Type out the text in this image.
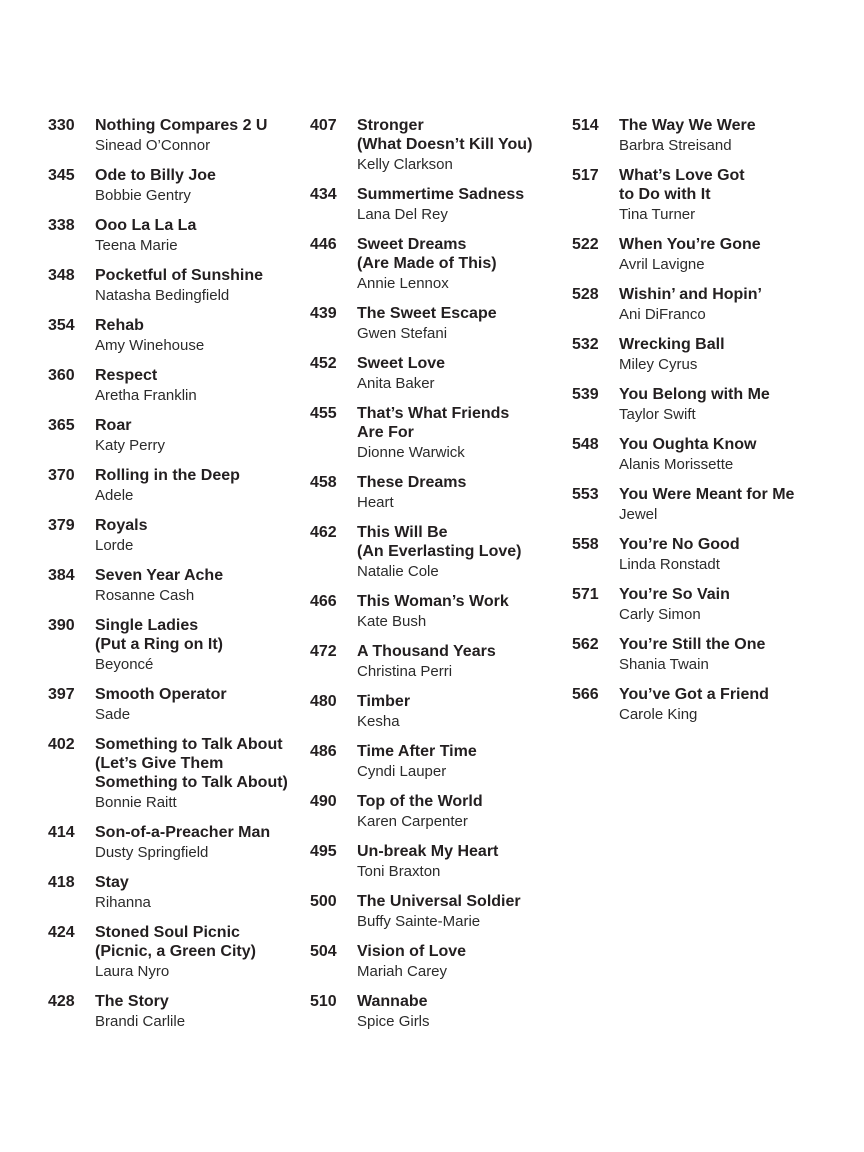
330	Nothing Compares 2 U
Sinead O’Connor
345	Ode to Billy Joe
Bobbie Gentry
338	Ooo La La La
Teena Marie
348	Pocketful of Sunshine
Natasha Bedingfield
354	Rehab
Amy Winehouse
360	Respect
Aretha Franklin
365	Roar
Katy Perry
370	Rolling in the Deep
Adele
379	Royals
Lorde
384	Seven Year Ache
Rosanne Cash
390	Single Ladies
(Put a Ring on It)
Beyoncé
397	Smooth Operator
Sade
402	Something to Talk About
(Let’s Give Them
Something to Talk About)
Bonnie Raitt
414	Son-of-a-Preacher Man
Dusty Springfield
418	Stay
Rihanna
424	Stoned Soul Picnic
(Picnic, a Green City)
Laura Nyro
428	The Story
Brandi Carlile
407	Stronger
(What Doesn’t Kill You)
Kelly Clarkson
434	Summertime Sadness
Lana Del Rey
446	Sweet Dreams
(Are Made of This)
Annie Lennox
439	The Sweet Escape
Gwen Stefani
452	Sweet Love
Anita Baker
455	That’s What Friends
Are For
Dionne Warwick
458	These Dreams
Heart
462	This Will Be
(An Everlasting Love)
Natalie Cole
466	This Woman’s Work
Kate Bush
472	A Thousand Years
Christina Perri
480	Timber
Kesha
486	Time After Time
Cyndi Lauper
490	Top of the World
Karen Carpenter
495	Un-break My Heart
Toni Braxton
500	The Universal Soldier
Buffy Sainte-Marie
504	Vision of Love
Mariah Carey
510	Wannabe
Spice Girls
514	The Way We Were
Barbra Streisand
517	What’s Love Got
to Do with It
Tina Turner
522	When You’re Gone
Avril Lavigne
528	Wishin’ and Hopin’
Ani DiFranco
532	Wrecking Ball
Miley Cyrus
539	You Belong with Me
Taylor Swift
548	You Oughta Know
Alanis Morissette
553	You Were Meant for Me
Jewel
558	You’re No Good
Linda Ronstadt
571	You’re So Vain
Carly Simon
562	You’re Still the One
Shania Twain
566	You’ve Got a Friend
Carole King
